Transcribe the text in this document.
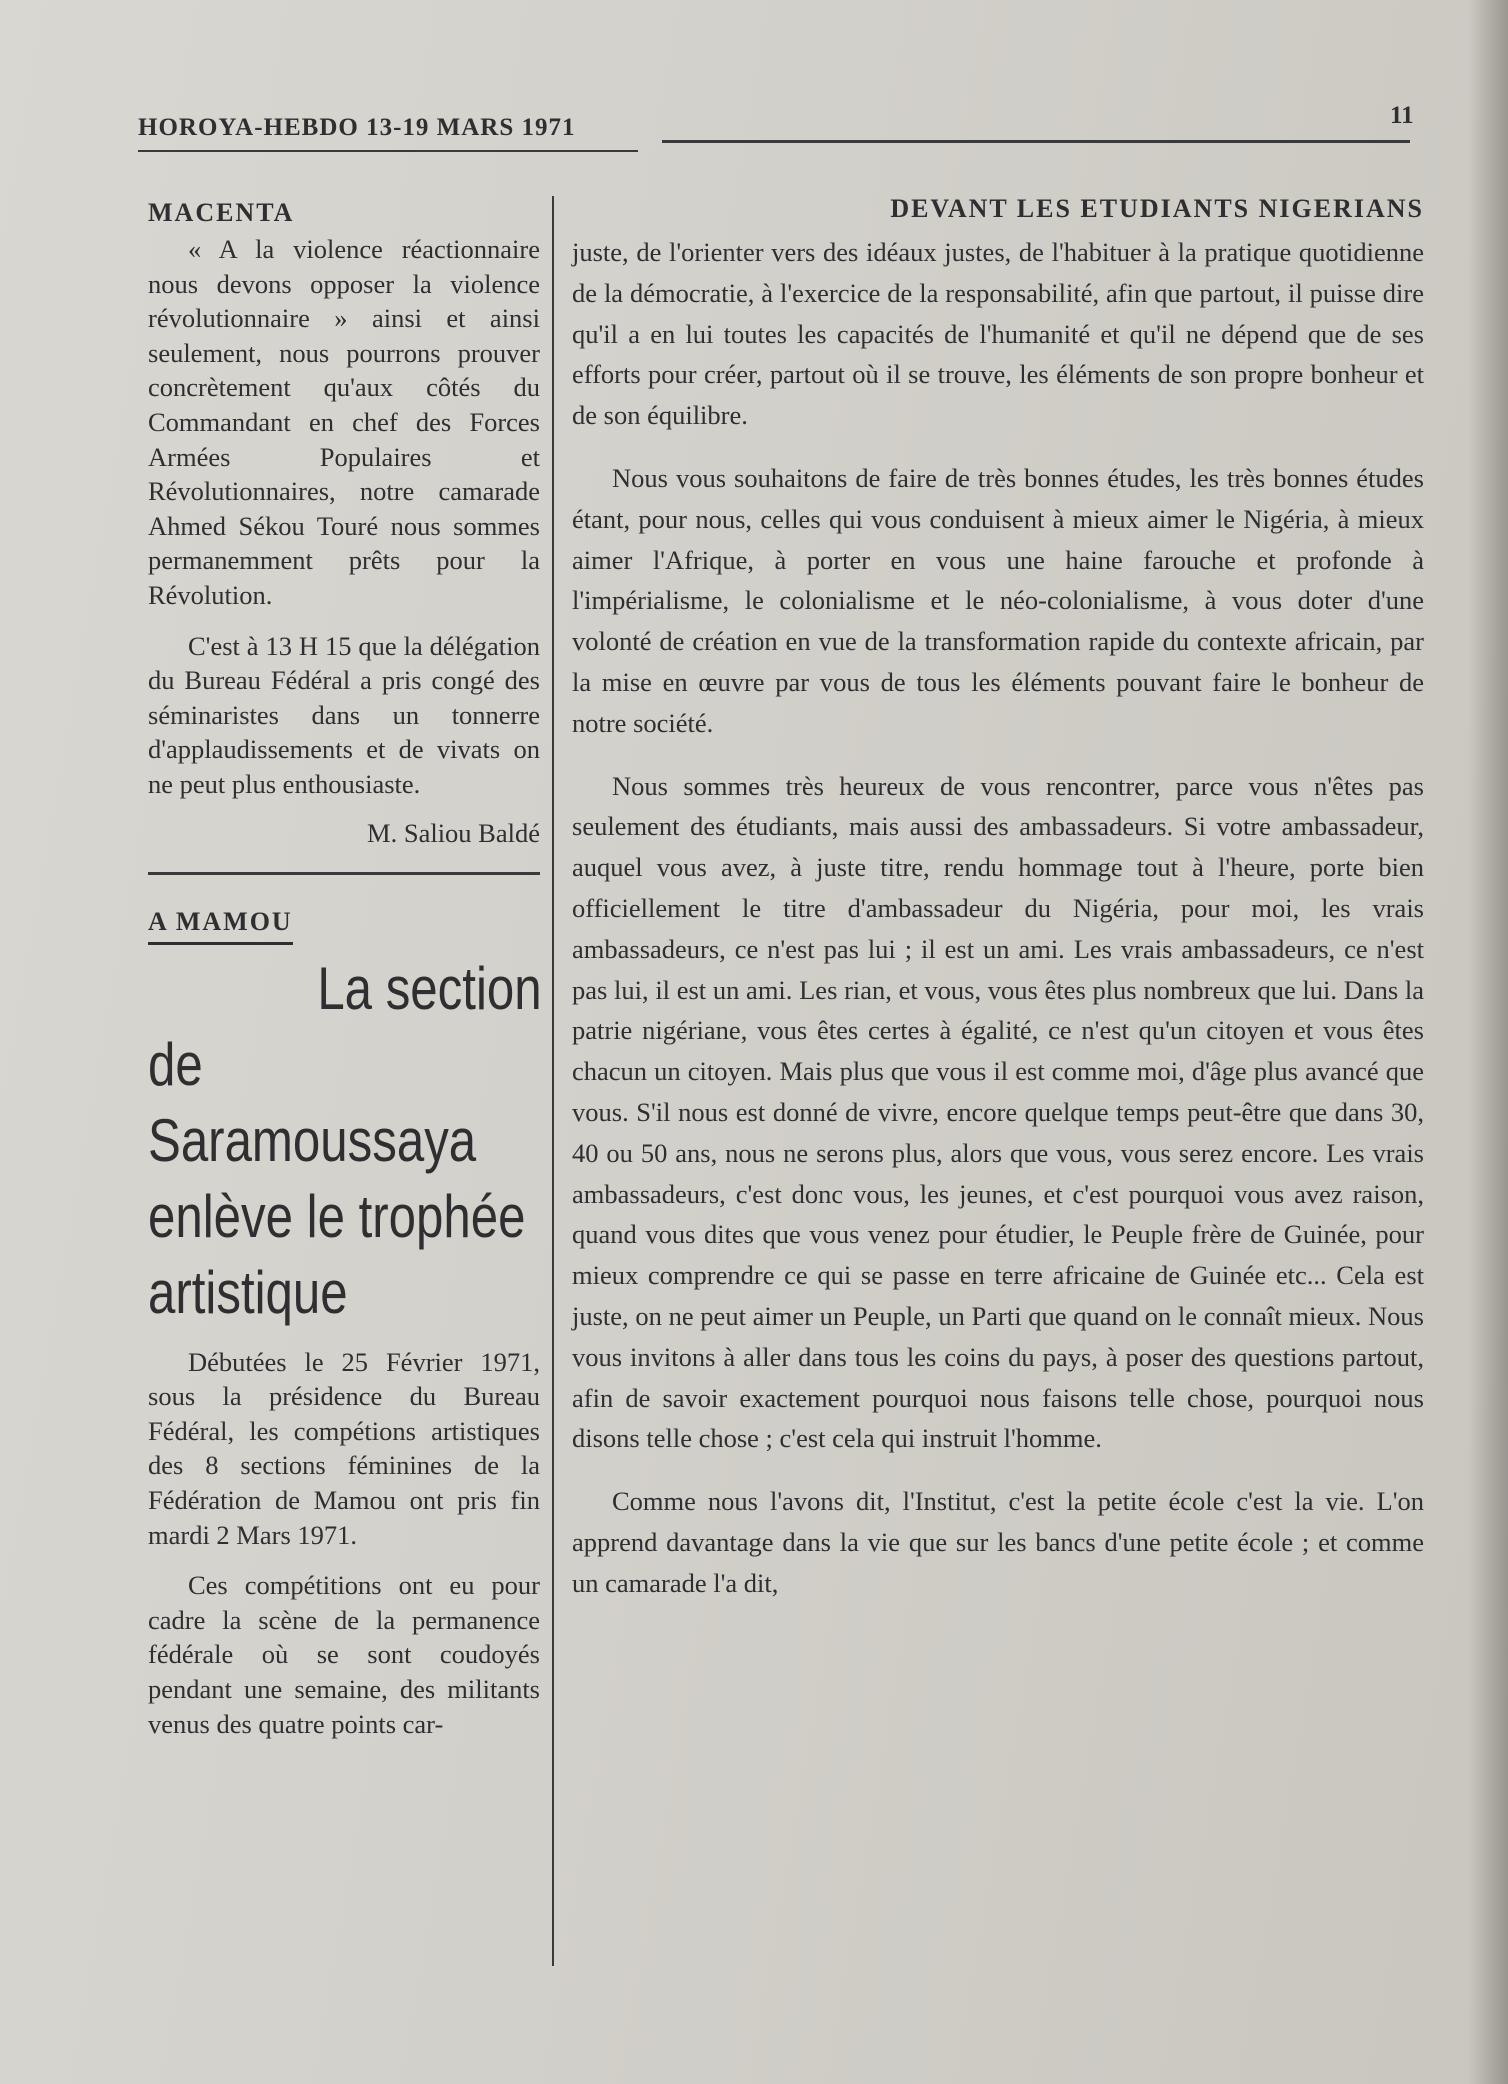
HOROYA-HEBDO 13-19 MARS 1971	11
MACENTA

« A la violence réactionnaire nous devons opposer la violence révolutionnaire » ainsi et ainsi seulement, nous pourrons prouver concrètement qu'aux côtés du Commandant en chef des Forces Armées Populaires et Révolutionnaires, notre camarade Ahmed Sékou Touré nous sommes permanemment prêts pour la Révolution.

C'est à 13 H 15 que la délégation du Bureau Fédéral a pris congé des séminaristes dans un tonnerre d'applaudissements et de vivats on ne peut plus enthousiaste.

M. Saliou Baldé
A MAMOU
La section
de Saramoussaya
enlève le trophée
artistique

Débutées le 25 Février 1971, sous la présidence du Bureau Fédéral, les compétions artistiques des 8 sections féminines de la Fédération de Mamou ont pris fin mardi 2 Mars 1971.

Ces compétitions ont eu pour cadre la scène de la permanence fédérale où se sont coudoyés pendant une semaine, des militants venus des quatre points car-

DEVANT LES ETUDIANTS NIGERIANS

juste, de l'orienter vers des idéaux justes, de l'habituer à la pratique quotidienne de la démocratie, à l'exercice de la responsabilité, afin que partout, il puisse dire qu'il a en lui toutes les capacités de l'humanité et qu'il ne dépend que de ses efforts pour créer, partout où il se trouve, les éléments de son propre bonheur et de son équilibre.

Nous vous souhaitons de faire de très bonnes études, les très bonnes études étant, pour nous, celles qui vous conduisent à mieux aimer le Nigéria, à mieux aimer l'Afrique, à porter en vous une haine farouche et profonde à l'impérialisme, le colonialisme et le néo-colonialisme, à vous doter d'une volonté de création en vue de la transformation rapide du contexte africain, par la mise en œuvre par vous de tous les éléments pouvant faire le bonheur de notre société.

Nous sommes très heureux de vous rencontrer, parce vous n'êtes pas seulement des étudiants, mais aussi des ambassadeurs. Si votre ambassadeur, auquel vous avez, à juste titre, rendu hommage tout à l'heure, porte bien officiellement le titre d'ambassadeur du Nigéria, pour moi, les vrais ambassadeurs, ce n'est pas lui ; il est un ami. Les vrais ambassadeurs, ce n'est pas lui, il est un ami. Les rian, et vous, vous êtes plus nombreux que lui. Dans la patrie nigériane, vous êtes certes à égalité, ce n'est qu'un citoyen et vous êtes chacun un citoyen. Mais plus que vous il est comme moi, d'âge plus avancé que vous. S'il nous est donné de vivre, encore quelque temps peut-être que dans 30, 40 ou 50 ans, nous ne serons plus, alors que vous, vous serez encore. Les vrais ambassadeurs, c'est donc vous, les jeunes, et c'est pourquoi vous avez raison, quand vous dites que vous venez pour étudier, le Peuple frère de Guinée, pour mieux comprendre ce qui se passe en terre africaine de Guinée etc... Cela est juste, on ne peut aimer un Peuple, un Parti que quand on le connaît mieux. Nous vous invitons à aller dans tous les coins du pays, à poser des questions partout, afin de savoir exactement pourquoi nous faisons telle chose, pourquoi nous disons telle chose ; c'est cela qui instruit l'homme.

Comme nous l'avons dit, l'Institut, c'est la petite école c'est la vie. L'on apprend davantage dans la vie que sur les bancs d'une petite école ; et comme un camarade l'a dit,
